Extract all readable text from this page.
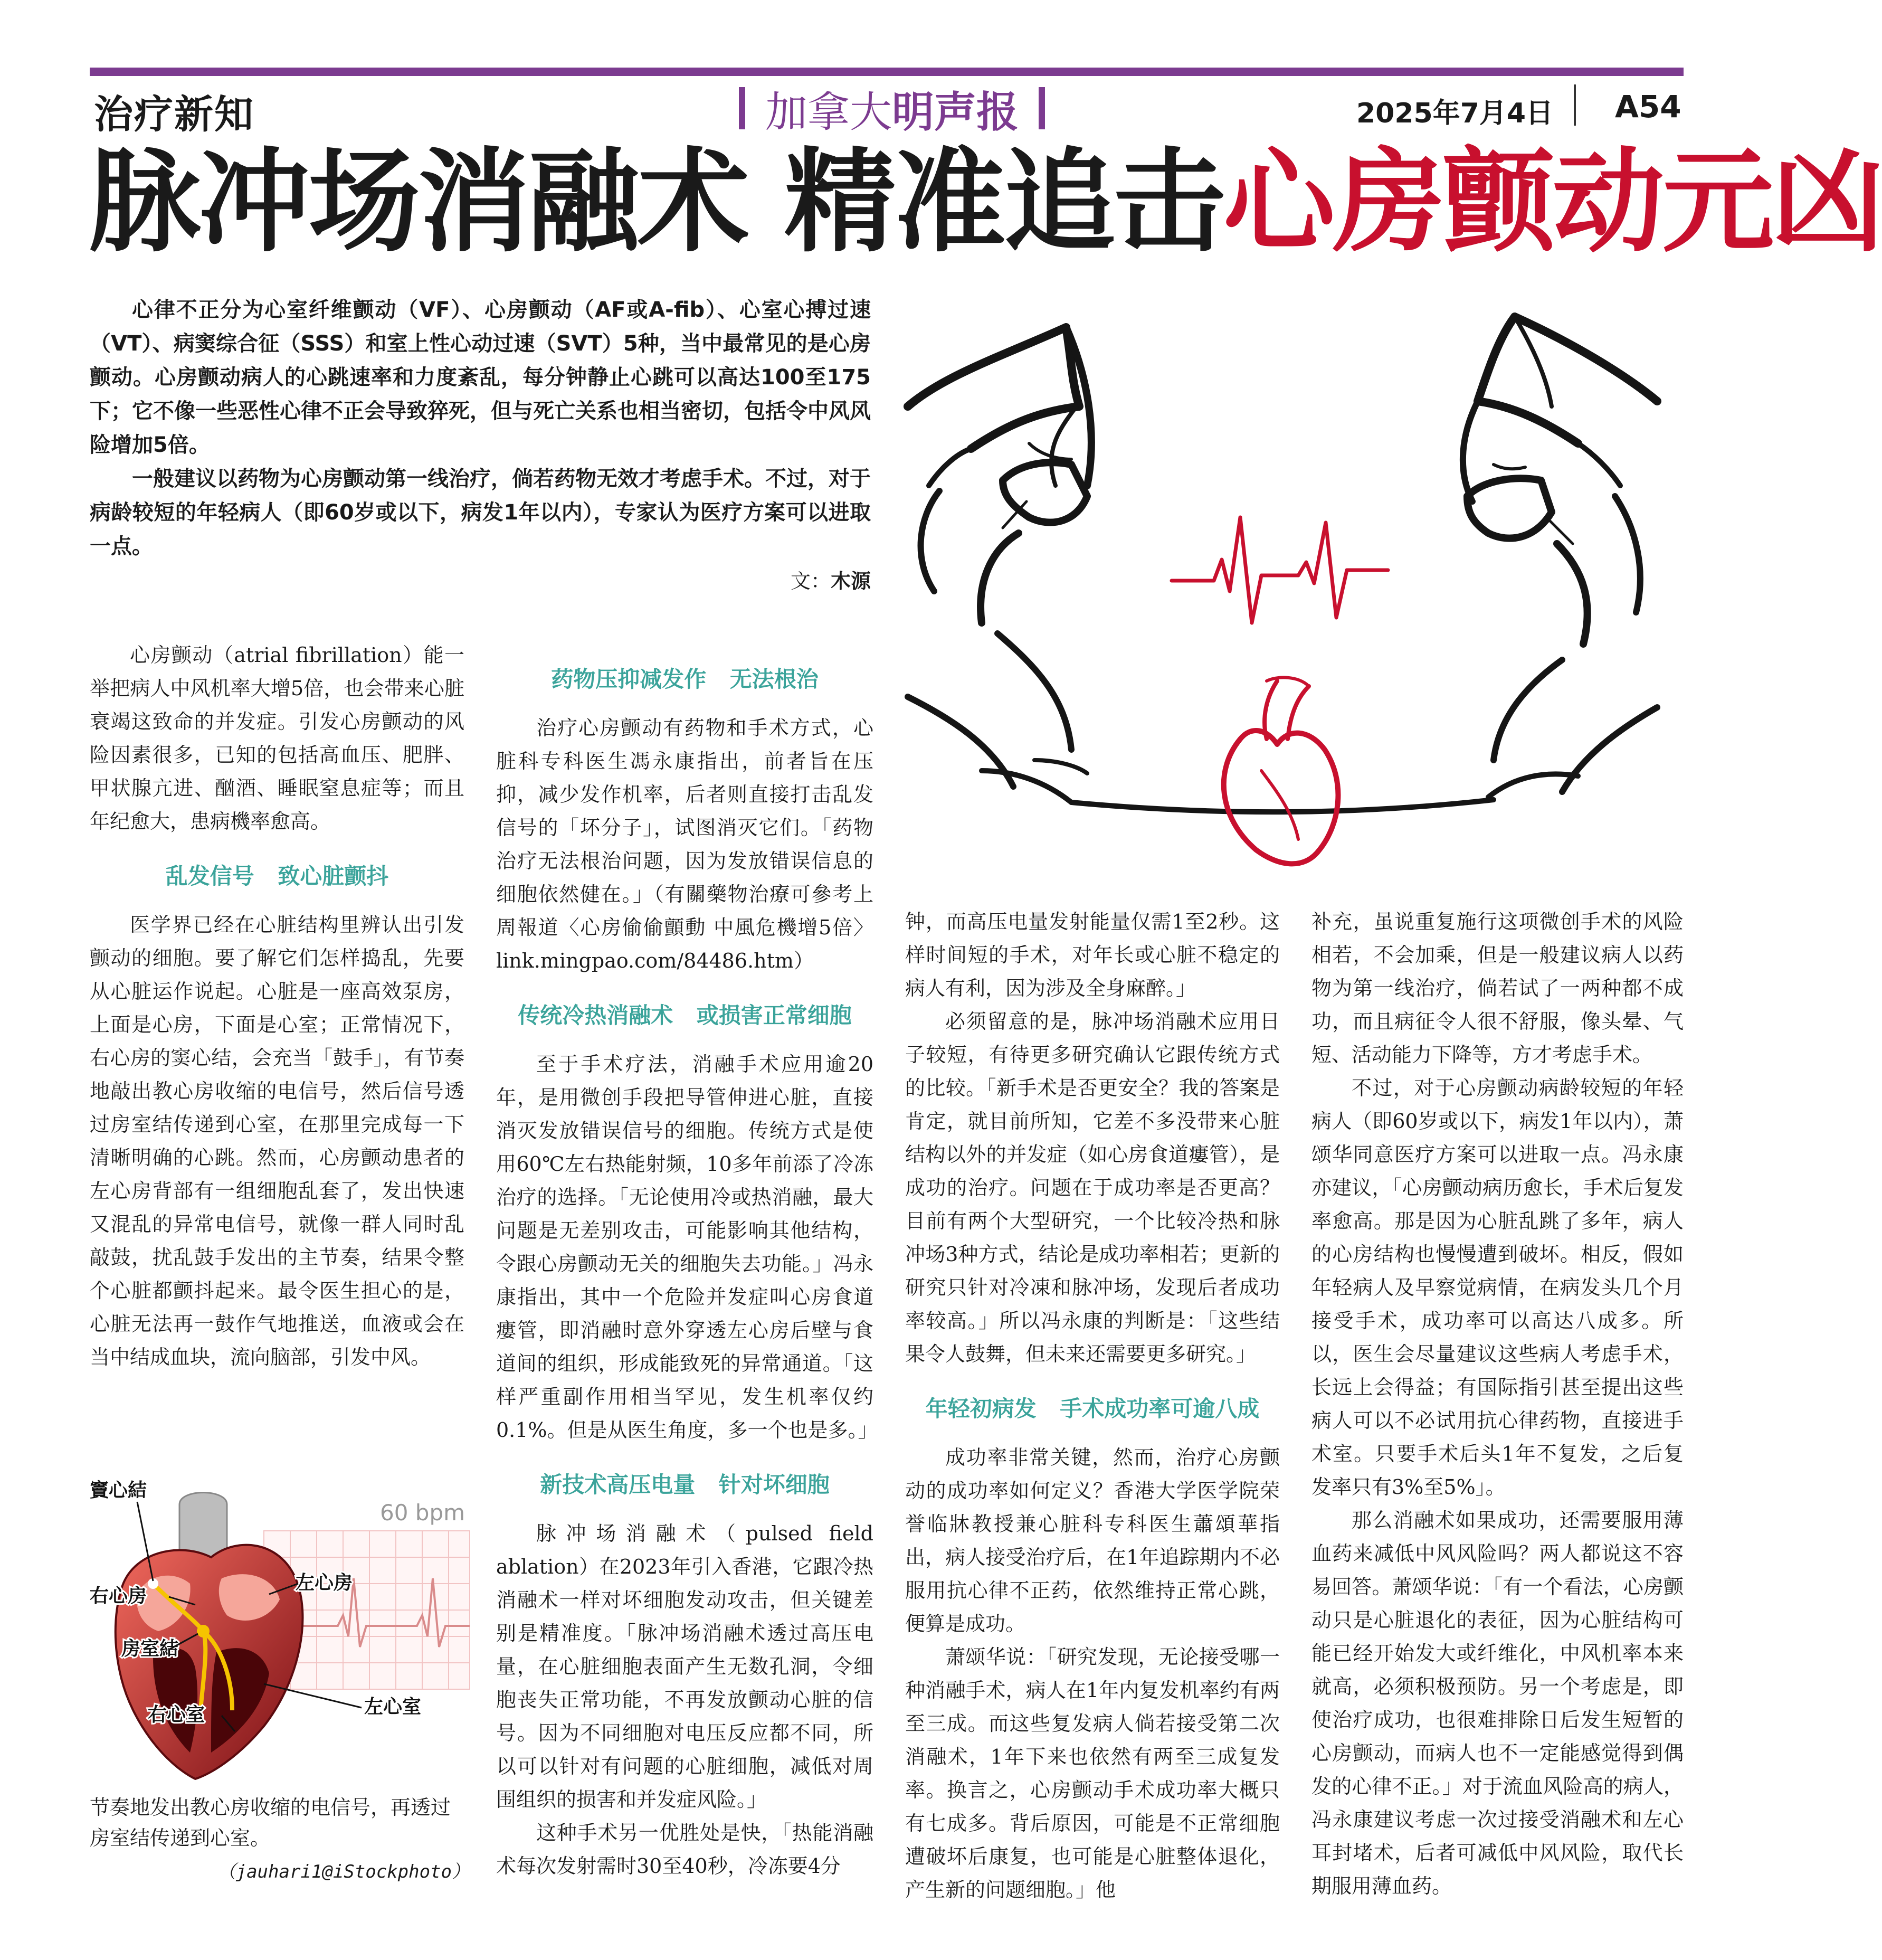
治疗新知	加拿大明声报	2025年7月4日 A54
脉冲场消融术 精准追击心房颤动元凶

心律不正分为心室纤维颤动（VF）、心房颤动（AF或A-fib）、心室心搏过速（VT）、病窦综合征（SSS）和室上性心动过速（SVT）5种，当中最常见的是心房颤动。心房颤动病人的心跳速率和力度紊乱，每分钟静止心跳可以高达100至175下；它不像一些恶性心律不正会导致猝死，但与死亡关系也相当密切，包括令中风风险增加5倍。

一般建议以药物为心房颤动第一线治疗，倘若药物无效才考虑手术。不过，对于病龄较短的年轻病人（即60岁或以下，病发1年以内），专家认为医疗方案可以进取一点。

文：木源

心房颤动（atrial fibrillation）能一举把病人中风机率大增5倍，也会带来心脏衰竭这致命的并发症。引发心房颤动的风险因素很多，已知的包括高血压、肥胖、甲状腺亢进、酗酒、睡眠窒息症等；而且年纪愈大，患病機率愈高。

乱发信号 致心脏颤抖

医学界已经在心脏结构里辨认出引发颤动的细胞。要了解它们怎样捣乱，先要从心脏运作说起。心脏是一座高效泵房，上面是心房，下面是心室；正常情况下，右心房的窦心结，会充当「鼓手」，有节奏地敲出教心房收缩的电信号，然后信号透过房室结传递到心室，在那里完成每一下清晰明确的心跳。然而，心房颤动患者的左心房背部有一组细胞乱套了，发出快速又混乱的异常电信号，就像一群人同时乱敲鼓，扰乱鼓手发出的主节奏，结果令整个心脏都颤抖起来。最令医生担心的是，心脏无法再一鼓作气地推送，血液或会在当中结成血块，流向脑部，引发中风。

药物压抑减发作 无法根治

治疗心房颤动有药物和手术方式，心脏科专科医生馮永康指出，前者旨在压抑，减少发作机率，后者则直接打击乱发信号的「坏分子」，试图消灭它们。「药物治疗无法根治问题，因为发放错误信息的细胞依然健在。」（有關藥物治療可參考上周報道〈心房偷偷顫動 中風危機增5倍〉link.mingpao.com/84486.htm）

传统冷热消融术 或损害正常细胞

至于手术疗法，消融手术应用逾20年，是用微创手段把导管伸进心脏，直接消灭发放错误信号的细胞。传统方式是使用60℃左右热能射频，10多年前添了冷冻治疗的选择。「无论使用冷或热消融，最大问题是无差别攻击，可能影响其他结构，令跟心房颤动无关的细胞失去功能。」冯永康指出，其中一个危险并发症叫心房食道瘻管，即消融时意外穿透左心房后壁与食道间的组织，形成能致死的异常通道。「这样严重副作用相当罕见，发生机率仅约0.1%。但是从医生角度，多一个也是多。」

新技术高压电量 针对坏细胞

脉冲场消融术（pulsed field ablation）在2023年引入香港，它跟冷热消融术一样对坏细胞发动攻击，但关键差别是精准度。「脉冲场消融术透过高压电量，在心脏细胞表面产生无数孔洞，令细胞丧失正常功能，不再发放颤动心脏的信号。因为不同细胞对电压反应都不同，所以可以针对有问题的心脏细胞，减低对周围组织的损害和并发症风险。」

这种手术另一优胜处是快，「热能消融术每次发射需时30至40秒，冷冻要4分

钟，而高压电量发射能量仅需1至2秒。这样时间短的手术，对年长或心脏不稳定的病人有利，因为涉及全身麻醉。」

必须留意的是，脉冲场消融术应用日子较短，有待更多研究确认它跟传统方式的比较。「新手术是否更安全？我的答案是肯定，就目前所知，它差不多没带来心脏结构以外的并发症（如心房食道瘻管），是成功的治疗。问题在于成功率是否更高？目前有两个大型研究，一个比较冷热和脉冲场3种方式，结论是成功率相若；更新的研究只针对冷凍和脉冲场，发现后者成功率较高。」所以冯永康的判断是：「这些结果令人鼓舞，但未来还需要更多研究。」

年轻初病发 手术成功率可逾八成

成功率非常关键，然而，治疗心房颤动的成功率如何定义？香港大学医学院荣誉临牀教授兼心脏科专科医生蕭頌華指出，病人接受治疗后，在1年追踪期内不必服用抗心律不正药，依然维持正常心跳，便算是成功。

萧颂华说：「研究发现，无论接受哪一种消融手术，病人在1年内复发机率约有两至三成。而这些复发病人倘若接受第二次消融术，1年下来也依然有两至三成复发率。换言之，心房颤动手术成功率大概只有七成多。背后原因，可能是不正常细胞遭破坏后康复，也可能是心脏整体退化，产生新的问题细胞。」他

补充，虽说重复施行这项微创手术的风险相若，不会加乘，但是一般建议病人以药物为第一线治疗，倘若试了一两种都不成功，而且病征令人很不舒服，像头晕、气短、活动能力下降等，方才考虑手术。

不过，对于心房颤动病龄较短的年轻病人（即60岁或以下，病发1年以内），萧颂华同意医疗方案可以进取一点。冯永康亦建议，「心房颤动病历愈长，手术后复发率愈高。那是因为心脏乱跳了多年，病人的心房结构也慢慢遭到破坏。相反，假如年轻病人及早察觉病情，在病发头几个月接受手术，成功率可以高达八成多。所以，医生会尽量建议这些病人考虑手术，长远上会得益；有国际指引甚至提出这些病人可以不必试用抗心律药物，直接进手术室。只要手术后头1年不复发，之后复发率只有3%至5%」。

那么消融术如果成功，还需要服用薄血药来减低中风风险吗？两人都说这不容易回答。萧颂华说：「有一个看法，心房颤动只是心脏退化的表征，因为心脏结构可能已经开始发大或纤维化，中风机率本来就高，必须积极预防。另一个考虑是，即使治疗成功，也很难排除日后发生短暂的心房颤动，而病人也不一定能感觉得到偶发的心律不正。」对于流血风险高的病人，冯永康建议考虑一次过接受消融术和左心耳封堵术，后者可减低中风风险，取代长期服用薄血药。

60 bpm
竇心結
右心房
左心房
房室結
右心室	左心室
节奏地发出教心房收缩的电信号，再透过房室结传递到心室。
（jauhari1@iStockphoto）
